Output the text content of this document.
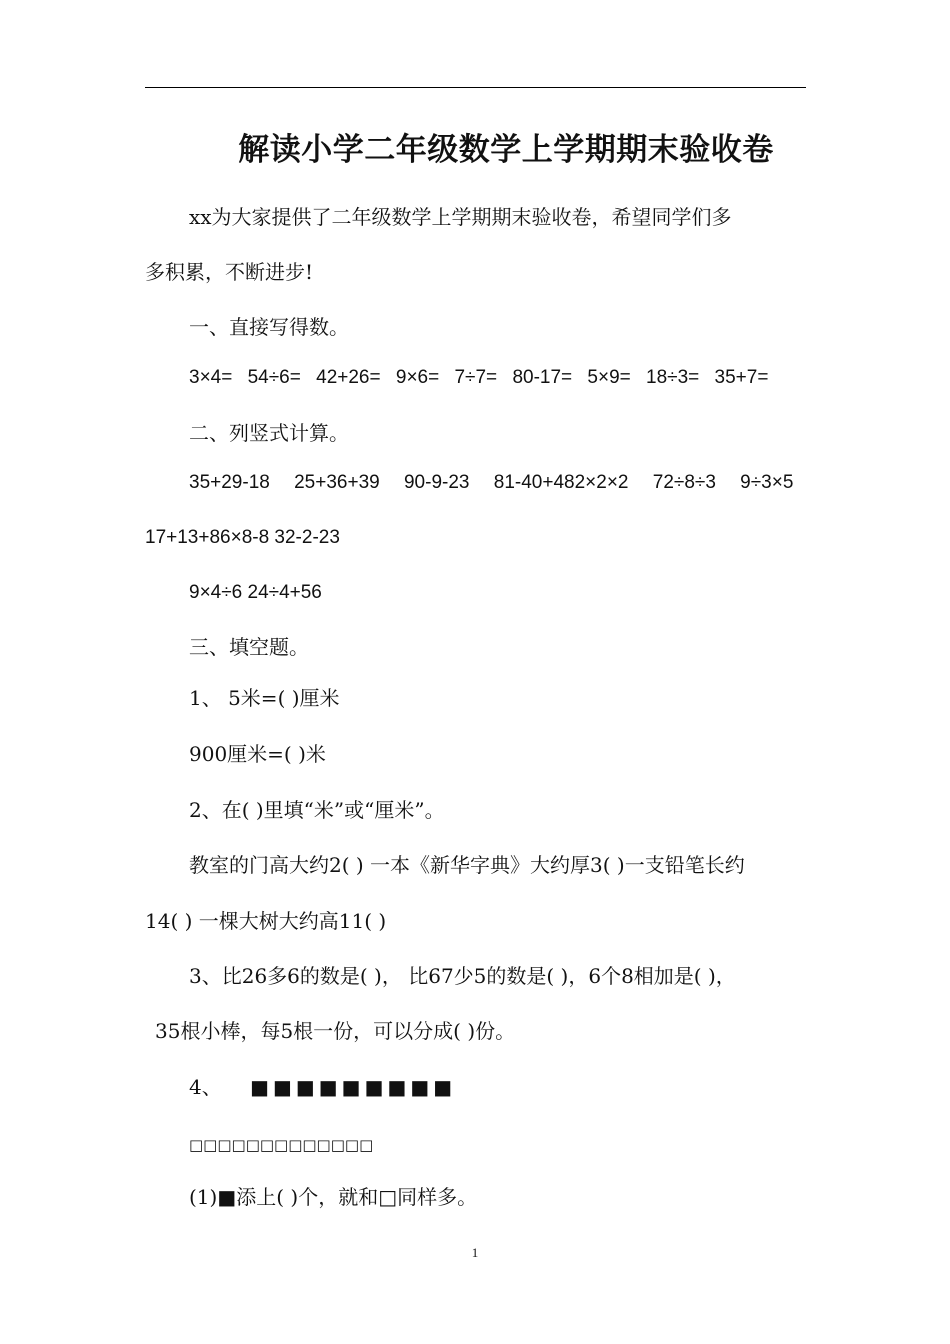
解读小学二年级数学上学期期末验收卷
xx为大家提供了二年级数学上学期期末验收卷，希望同学们多
多积累，不断进步!
一、直接写得数。
3×4= 54÷6= 42+26= 9×6= 7÷7= 80-17= 5×9= 18÷3= 35+7=
二、列竖式计算。
35+29-18 25+36+39 90-9-23 81-40+482×2×2 72÷8÷3 9÷3×5
17+13+86×8-8 32-2-23
9×4÷6 24÷4+56
三、填空题。
1、 5米=( )厘米
900厘米=( )米
2、在( )里填“米”或“厘米”。
教室的门高大约2( ) 一本《新华字典》大约厚3( )一支铅笔长约
14( ) 一棵大树大约高11( )
3、比26多6的数是( )， 比67少5的数是( )，6个8相加是( )，
35根小棒，每5根一份，可以分成( )份。
4、 ■■■■■■■■■
□□□□□□□□□□□□□
(1)■添上( )个，就和□同样多。
1
